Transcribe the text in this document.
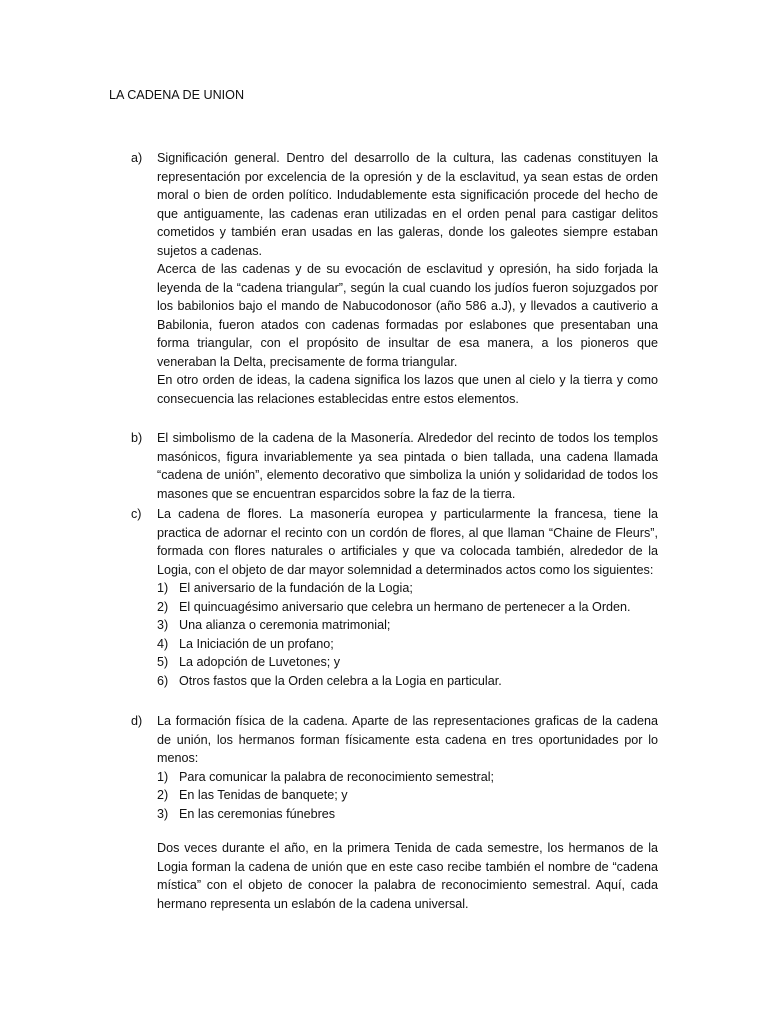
LA CADENA DE UNION
a) Significación general. Dentro del desarrollo de la cultura, las cadenas constituyen la representación por excelencia de la opresión y de la esclavitud, ya sean estas de orden moral o bien de orden político. Indudablemente esta significación procede del hecho de que antiguamente, las cadenas eran utilizadas en el orden penal para castigar delitos cometidos y también eran usadas en las galeras, donde los galeotes siempre estaban sujetos a cadenas.

Acerca de las cadenas y de su evocación de esclavitud y opresión, ha sido forjada la leyenda de la “cadena triangular”, según la cual cuando los judíos fueron sojuzgados por los babilonios bajo el mando de Nabucodonosor (año 586 a.J), y llevados a cautiverio a Babilonia, fueron atados con cadenas formadas por eslabones que presentaban una forma triangular, con el propósito de insultar de esa manera, a los pioneros que veneraban la Delta, precisamente de forma triangular.

En otro orden de ideas, la cadena significa los lazos que unen al cielo y la tierra y como consecuencia las relaciones establecidas entre estos elementos.

b) El simbolismo de la cadena de la Masonería. Alrededor del recinto de todos los templos masónicos, figura invariablemente ya sea pintada o bien tallada, una cadena llamada “cadena de unión”, elemento decorativo que simboliza la unión y solidaridad de todos los masones que se encuentran esparcidos sobre la faz de la tierra.

c) La cadena de flores. La masonería europea y particularmente la francesa, tiene la practica de adornar el recinto con un cordón de flores, al que llaman “Chaine de Fleurs”, formada con flores naturales o artificiales y que va colocada también, alrededor de la Logia, con el objeto de dar mayor solemnidad a determinados actos como los siguientes:

1) El aniversario de la fundación de la Logia;
2) El quincuagésimo aniversario que celebra un hermano de pertenecer a la Orden.
3) Una alianza o ceremonia matrimonial;
4) La Iniciación de un profano;
5) La adopción de Luvetones; y
6) Otros fastos que la Orden celebra a la Logia en particular.
d) La formación física de la cadena. Aparte de las representaciones graficas de la cadena de unión, los hermanos forman físicamente esta cadena en tres oportunidades por lo menos:

1) Para comunicar la palabra de reconocimiento semestral;
2) En las Tenidas de banquete; y
3) En las ceremonias fúnebres

Dos veces durante el año, en la primera Tenida de cada semestre, los hermanos de la Logia forman la cadena de unión que en este caso recibe también el nombre de “cadena mística” con el objeto de conocer la palabra de reconocimiento semestral. Aquí, cada hermano representa un eslabón de la cadena universal.
